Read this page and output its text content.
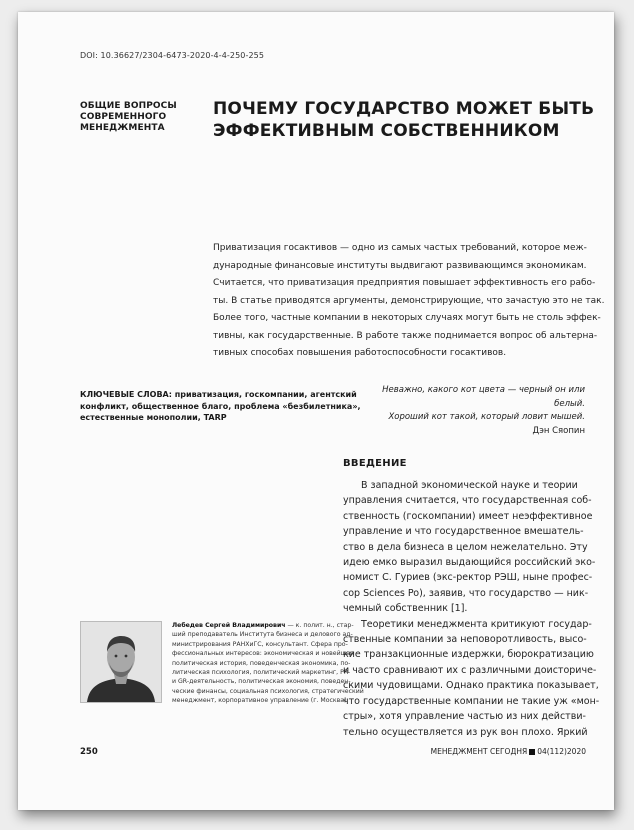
DOI: 10.36627/2304-6473-2020-4-4-250-255
ОБЩИЕ ВОПРОСЫ
СОВРЕМЕННОГО
МЕНЕДЖМЕНТА
ПОЧЕМУ ГОСУДАРСТВО МОЖЕТ БЫТЬ
ЭФФЕКТИВНЫМ СОБСТВЕННИКОМ
Приватизация госактивов — одно из самых частых требований, которое меж-
дународные финансовые институты выдвигают развивающимся экономикам.
Считается, что приватизация предприятия повышает эффективность его рабо-
ты. В статье приводятся аргументы, демонстрирующие, что зачастую это не так.
Более того, частные компании в некоторых случаях могут быть не столь эффек-
тивны, как государственные. В работе также поднимается вопрос об альтерна-
тивных способах повышения работоспособности госактивов.
КЛЮЧЕВЫЕ СЛОВА: приватизация, госкомпании, агентский
конфликт, общественное благо, проблема «безбилетника»,
естественные монополии, TARP
Неважно, какого кот цвета — черный он или белый.
Хороший кот такой, который ловит мышей.
Дэн Сяопин
ВВЕДЕНИЕ
В западной экономической науке и теории
управления считается, что государственная соб-
ственность (госкомпании) имеет неэффективное
управление и что государственное вмешатель-
ство в дела бизнеса в целом нежелательно. Эту
идею емко выразил выдающийся российский эко-
номист С. Гуриев (экс-ректор РЭШ, ныне профес-
сор Sciences Po), заявив, что государство — ник-
чемный собственник [1].
Теоретики менеджмента критикуют государ-
ственные компании за неповоротливость, высо-
кие транзакционные издержки, бюрократизацию
и часто сравнивают их с различными доисториче-
скими чудовищами. Однако практика показывает,
что государственные компании не такие уж «мон-
стры», хотя управление частью из них действи-
тельно осуществляется из рук вон плохо. Яркий
Лебедев Сергей Владимирович — к. полит. н., стар-
ший преподаватель Института бизнеса и делового ад-
министрирования РАНХиГС, консультант. Сфера про-
фессиональных интересов: экономическая и новейшая
политическая история, поведенческая экономика, по-
литическая психология, политический маркетинг, PR-
и GR-деятельность, политическая экономия, поведен-
ческие финансы, социальная психология, стратегический
менеджмент, корпоративное управление (г. Москва)
250	МЕНЕДЖМЕНТ СЕГОДНЯ 04(112)2020
